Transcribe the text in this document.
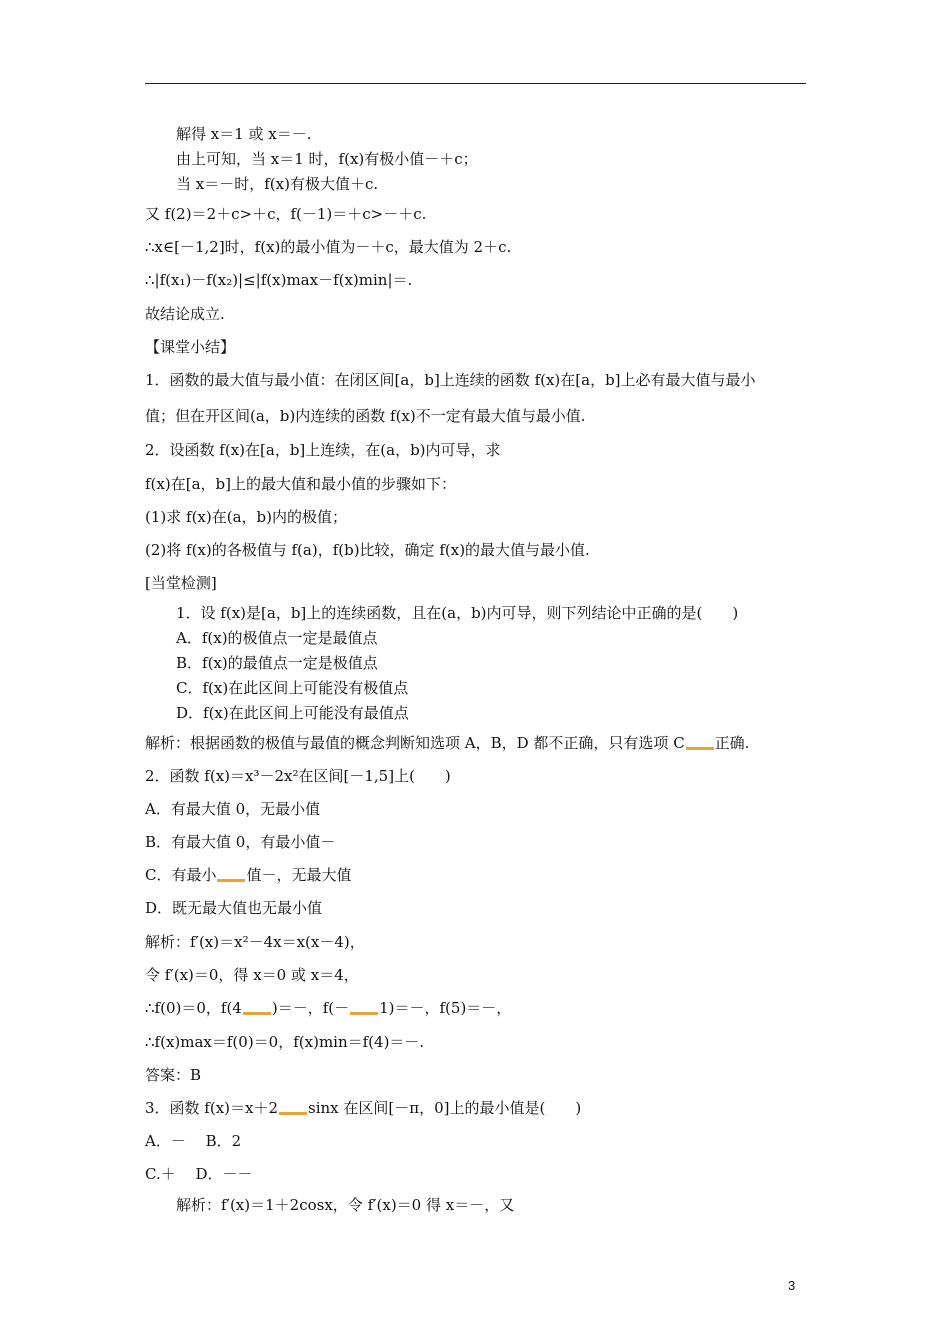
解得 x＝1 或 x＝－.
由上可知，当 x＝1 时，f(x)有极小值－＋c；
当 x＝－时，f(x)有极大值＋c.
又 f(2)＝2＋c>＋c，f(－1)＝＋c>－＋c.
∴x∈[－1,2]时，f(x)的最小值为－＋c，最大值为 2＋c.
∴|f(x₁)－f(x₂)|≤|f(x)max－f(x)min|＝.
故结论成立.
【课堂小结】
1．函数的最大值与最小值：在闭区间[a，b]上连续的函数 f(x)在[a，b]上必有最大值与最小
值；但在开区间(a，b)内连续的函数 f(x)不一定有最大值与最小值.
2．设函数 f(x)在[a，b]上连续，在(a，b)内可导，求
f(x)在[a，b]上的最大值和最小值的步骤如下：
(1)求 f(x)在(a，b)内的极值；
(2)将 f(x)的各极值与 f(a)，f(b)比较，确定 f(x)的最大值与最小值.
[当堂检测]
1．设 f(x)是[a，b]上的连续函数，且在(a，b)内可导，则下列结论中正确的是(　　)
A．f(x)的极值点一定是最值点
B．f(x)的最值点一定是极值点
C．f(x)在此区间上可能没有极值点
D．f(x)在此区间上可能没有最值点
解析：根据函数的极值与最值的概念判断知选项 A，B，D 都不正确，只有选项 C 正确.
2．函数 f(x)＝x³－2x²在区间[－1,5]上(　　)
A．有最大值 0，无最小值
B．有最大值 0，有最小值－
C．有最小 值－，无最大值
D．既无最大值也无最小值
解析：f′(x)＝x²－4x＝x(x－4)，
令 f′(x)＝0，得 x＝0 或 x＝4，
∴f(0)＝0，f(4 )＝－，f(－ 1)＝－，f(5)＝－，
∴f(x)max＝f(0)＝0，f(x)min＝f(4)＝－.
答案：B
3．函数 f(x)＝x＋2 sinx 在区间[－π，0]上的最小值是(　　)
A．－　 B．2
C.＋　 D．－－
解析：f′(x)＝1＋2cosx，令 f′(x)＝0 得 x＝－，又
3
